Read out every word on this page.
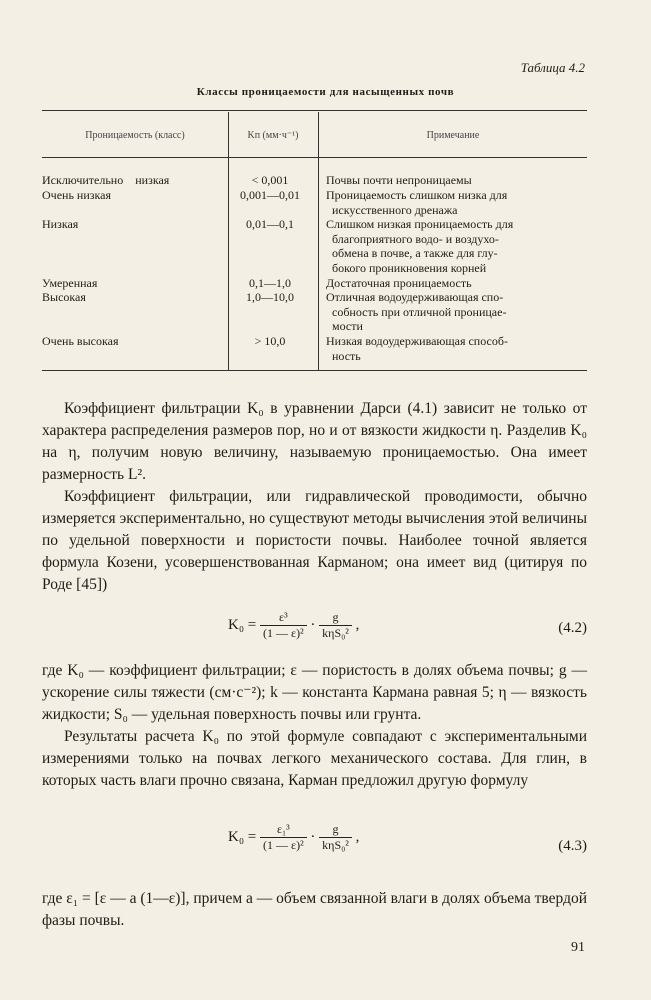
Таблица 4.2
Классы проницаемости для насыщенных почв
Проницаемость (класс)	Kп (мм·ч⁻¹)	Примечание
Исключительно    низкая	< 0,001	Почвы почти непроницаемы
Очень низкая	0,001—0,01	Проницаемость слишком низка для
искусственного дренажа
Низкая	0,01—0,1	Слишком низкая проницаемость для
благоприятного водо- и воздухо-
обмена в почве, а также для глу-
бокого проникновения корней
Умеренная	0,1—1,0	Достаточная проницаемость
Высокая	1,0—10,0	Отличная водоудерживающая спо-
собность при отличной проницае-
мости
Очень высокая	> 10,0	Низкая водоудерживающая способ-
ность

Коэффициент фильтрации K₀ в уравнении Дарси (4.1) зависит не только от характера распределения размеров пор, но и от вязкости жидкости η. Разделив K₀ на η, получим новую величину, называемую проницаемостью. Она имеет размерность L².

Коэффициент фильтрации, или гидравлической проводимости, обычно измеряется экспериментально, но существуют методы вычисления этой величины по удельной поверхности и пористости почвы. Наиболее точной является формула Козени, усовершенствованная Карманом; она имеет вид (цитируя по Роде [45])

$K_0 = \frac{\text{ε³}}{\text{(1 — ε)²}} \cdot \frac{g}{\text{kηS₀²}}$ ,	(4.2)

где K₀ — коэффициент фильтрации; ε — пористость в долях объема почвы; g — ускорение силы тяжести (см·с⁻²); k — константа Кармана равная 5; η — вязкость жидкости; S₀ — удельная поверхность почвы или грунта.

Результаты расчета K₀ по этой формуле совпадают с экспериментальными измерениями только на почвах легкого механического состава. Для глин, в которых часть влаги прочно связана, Карман предложил другую формулу

$K_0 = \frac{\text{ε₁³}}{\text{(1 — ε)²}} \cdot \frac{g}{\text{kηS₀²}}$ ,
(4.3)

где ε₁ = [ε — a (1—ε)], причем a — объем связанной влаги в долях объема твердой фазы почвы.

91
